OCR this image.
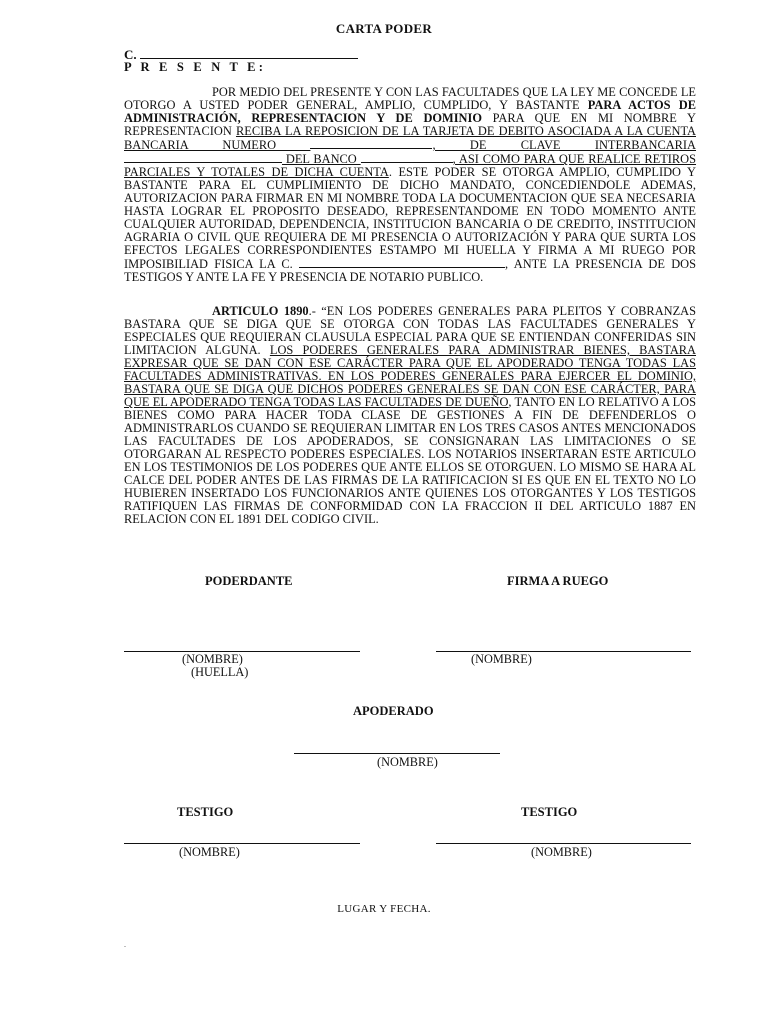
CARTA PODER
C.
P R E S E N T E:
POR MEDIO DEL PRESENTE Y CON LAS FACULTADES QUE LA LEY ME CONCEDE LE OTORGO A USTED PODER GENERAL, AMPLIO, CUMPLIDO, Y BASTANTE PARA ACTOS DE ADMINISTRACIÓN, REPRESENTACION Y DE DOMINIO PARA QUE EN MI NOMBRE Y REPRESENTACION RECIBA LA REPOSICION DE LA TARJETA DE DEBITO ASOCIADA A LA CUENTA BANCARIA NUMERO	, DE CLAVE INTERBANCARIA  DEL BANCO	, ASI COMO PARA QUE REALICE RETIROS PARCIALES Y TOTALES DE DICHA CUENTA. ESTE PODER SE OTORGA AMPLIO, CUMPLIDO Y BASTANTE PARA EL CUMPLIMIENTO DE DICHO MANDATO, CONCEDIENDOLE ADEMAS, AUTORIZACION PARA FIRMAR EN MI NOMBRE TODA LA DOCUMENTACION QUE SEA NECESARIA HASTA LOGRAR EL PROPOSITO DESEADO, REPRESENTANDOME EN TODO MOMENTO ANTE CUALQUIER AUTORIDAD, DEPENDENCIA, INSTITUCION BANCARIA O DE CREDITO, INSTITUCION AGRARIA O CIVIL QUE REQUIERA DE MI PRESENCIA O AUTORIZACIÓN Y PARA QUE SURTA LOS EFECTOS LEGALES CORRESPONDIENTES ESTAMPO MI HUELLA Y FIRMA A MI RUEGO POR IMPOSIBILIAD FISICA LA C.	, ANTE LA PRESENCIA DE DOS TESTIGOS Y ANTE LA FE Y PRESENCIA DE NOTARIO PUBLICO.
ARTICULO 1890.- “EN LOS PODERES GENERALES PARA PLEITOS Y COBRANZAS BASTARA QUE SE DIGA QUE SE OTORGA CON TODAS LAS FACULTADES GENERALES Y ESPECIALES QUE REQUIERAN CLAUSULA ESPECIAL PARA QUE SE ENTIENDAN CONFERIDAS SIN LIMITACION ALGUNA. LOS PODERES GENERALES PARA ADMINISTRAR BIENES, BASTARA EXPRESAR QUE SE DAN CON ESE CARÁCTER PARA QUE EL APODERADO TENGA TODAS LAS FACULTADES ADMINISTRATIVAS. EN LOS PODERES GENERALES PARA EJERCER EL DOMINIO, BASTARA QUE SE DIGA QUE DICHOS PODERES GENERALES SE DAN CON ESE CARÁCTER, PARA QUE EL APODERADO TENGA TODAS LAS FACULTADES DE DUEÑO, TANTO EN LO RELATIVO A LOS BIENES COMO PARA HACER TODA CLASE DE GESTIONES A FIN DE DEFENDERLOS O ADMINISTRARLOS CUANDO SE REQUIERAN LIMITAR EN LOS TRES CASOS ANTES MENCIONADOS LAS FACULTADES DE LOS APODERADOS, SE CONSIGNARAN LAS LIMITACIONES O SE OTORGARAN AL RESPECTO PODERES ESPECIALES. LOS NOTARIOS INSERTARAN ESTE ARTICULO EN LOS TESTIMONIOS DE LOS PODERES QUE ANTE ELLOS SE OTORGUEN. LO MISMO SE HARA AL CALCE DEL PODER ANTES DE LAS FIRMAS DE LA RATIFICACION SI ES QUE EN EL TEXTO NO LO HUBIEREN INSERTADO LOS FUNCIONARIOS ANTE QUIENES LOS OTORGANTES Y LOS TESTIGOS RATIFIQUEN LAS FIRMAS DE CONFORMIDAD CON LA FRACCION II DEL ARTICULO 1887 EN RELACION CON EL 1891 DEL CODIGO CIVIL.
PODERDANTE	FIRMA A RUEGO
(NOMBRE)
(HUELLA)
(NOMBRE)
APODERADO
(NOMBRE)
TESTIGO	TESTIGO
(NOMBRE)	(NOMBRE)
LUGAR Y FECHA.
.
